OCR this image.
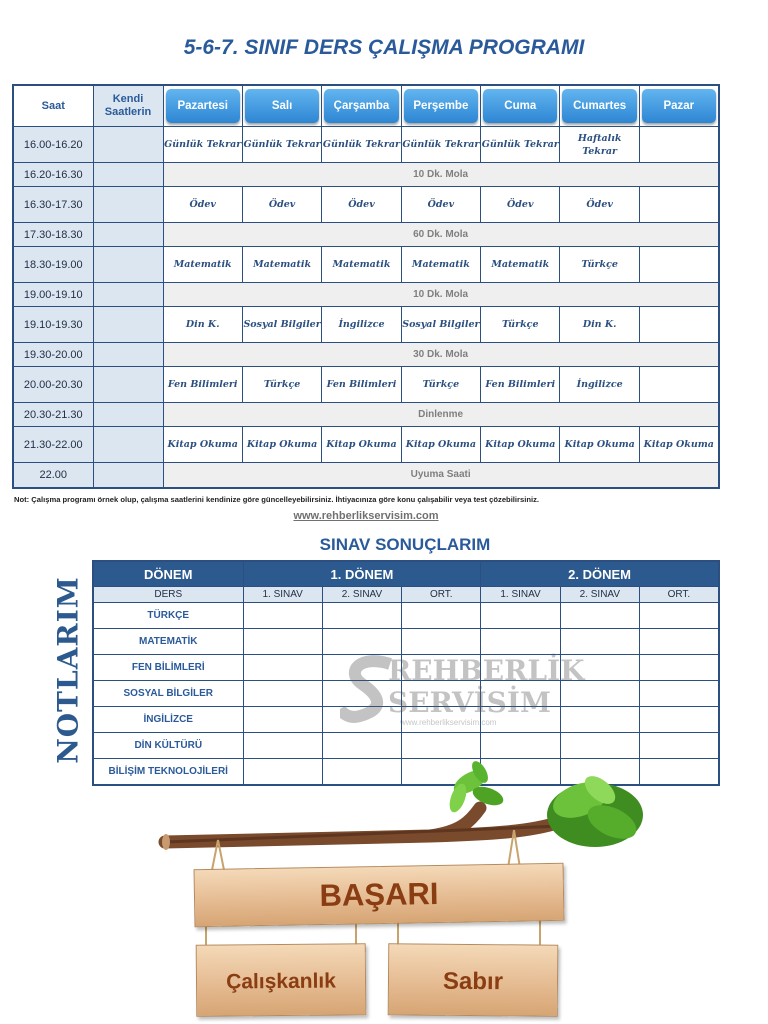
5-6-7. SINIF DERS ÇALIŞMA PROGRAMI
Saat	Kendi Saatlerin	Pazartesi	Salı	Çarşamba	Perşembe	Cuma	Cumartes	Pazar

16.00-16.20		Günlük Tekrar	Günlük Tekrar	Günlük Tekrar	Günlük Tekrar	Günlük Tekrar	Haftalık Tekrar	
16.20-16.30		10 Dk. Mola						
16.30-17.30		Ödev	Ödev	Ödev	Ödev	Ödev	Ödev	
17.30-18.30		60 Dk. Mola						
18.30-19.00		Matematik	Matematik	Matematik	Matematik	Matematik	Türkçe	
19.00-19.10		10 Dk. Mola						
19.10-19.30		Din K.	Sosyal Bilgiler	İngilizce	Sosyal Bilgiler	Türkçe	Din K.	
19.30-20.00		30 Dk. Mola						
20.00-20.30		Fen Bilimleri	Türkçe	Fen Bilimleri	Türkçe	Fen Bilimleri	İngilizce	
20.30-21.30		Dinlenme						
21.30-22.00		Kitap Okuma	Kitap Okuma	Kitap Okuma	Kitap Okuma	Kitap Okuma	Kitap Okuma	Kitap Okuma
22.00		Uyuma Saati						
Not: Çalışma programı örnek olup, çalışma saatlerini kendinize göre güncelleyebilirsiniz. İhtiyacınıza göre konu çalışabilir veya test çözebilirsiniz.
www.rehberlikservisim.com
SINAV SONUÇLARIM
NOTLARIM
DÖNEM	1. DÖNEM			2. DÖNEM		
DERS	1. SINAV	2. SINAV	ORT.	1. SINAV	2. SINAV	ORT.
TÜRKÇE						
MATEMATİK						
FEN BİLİMLERİ						
SOSYAL BİLGİLER						
İNGİLİZCE						
DİN KÜLTÜRÜ						
BİLİŞİM TEKNOLOJİLERİ						
REHBERLİK
SERVİSİM
www.rehberlikservisim.com
BAŞARI
Çalışkanlık	Sabır
